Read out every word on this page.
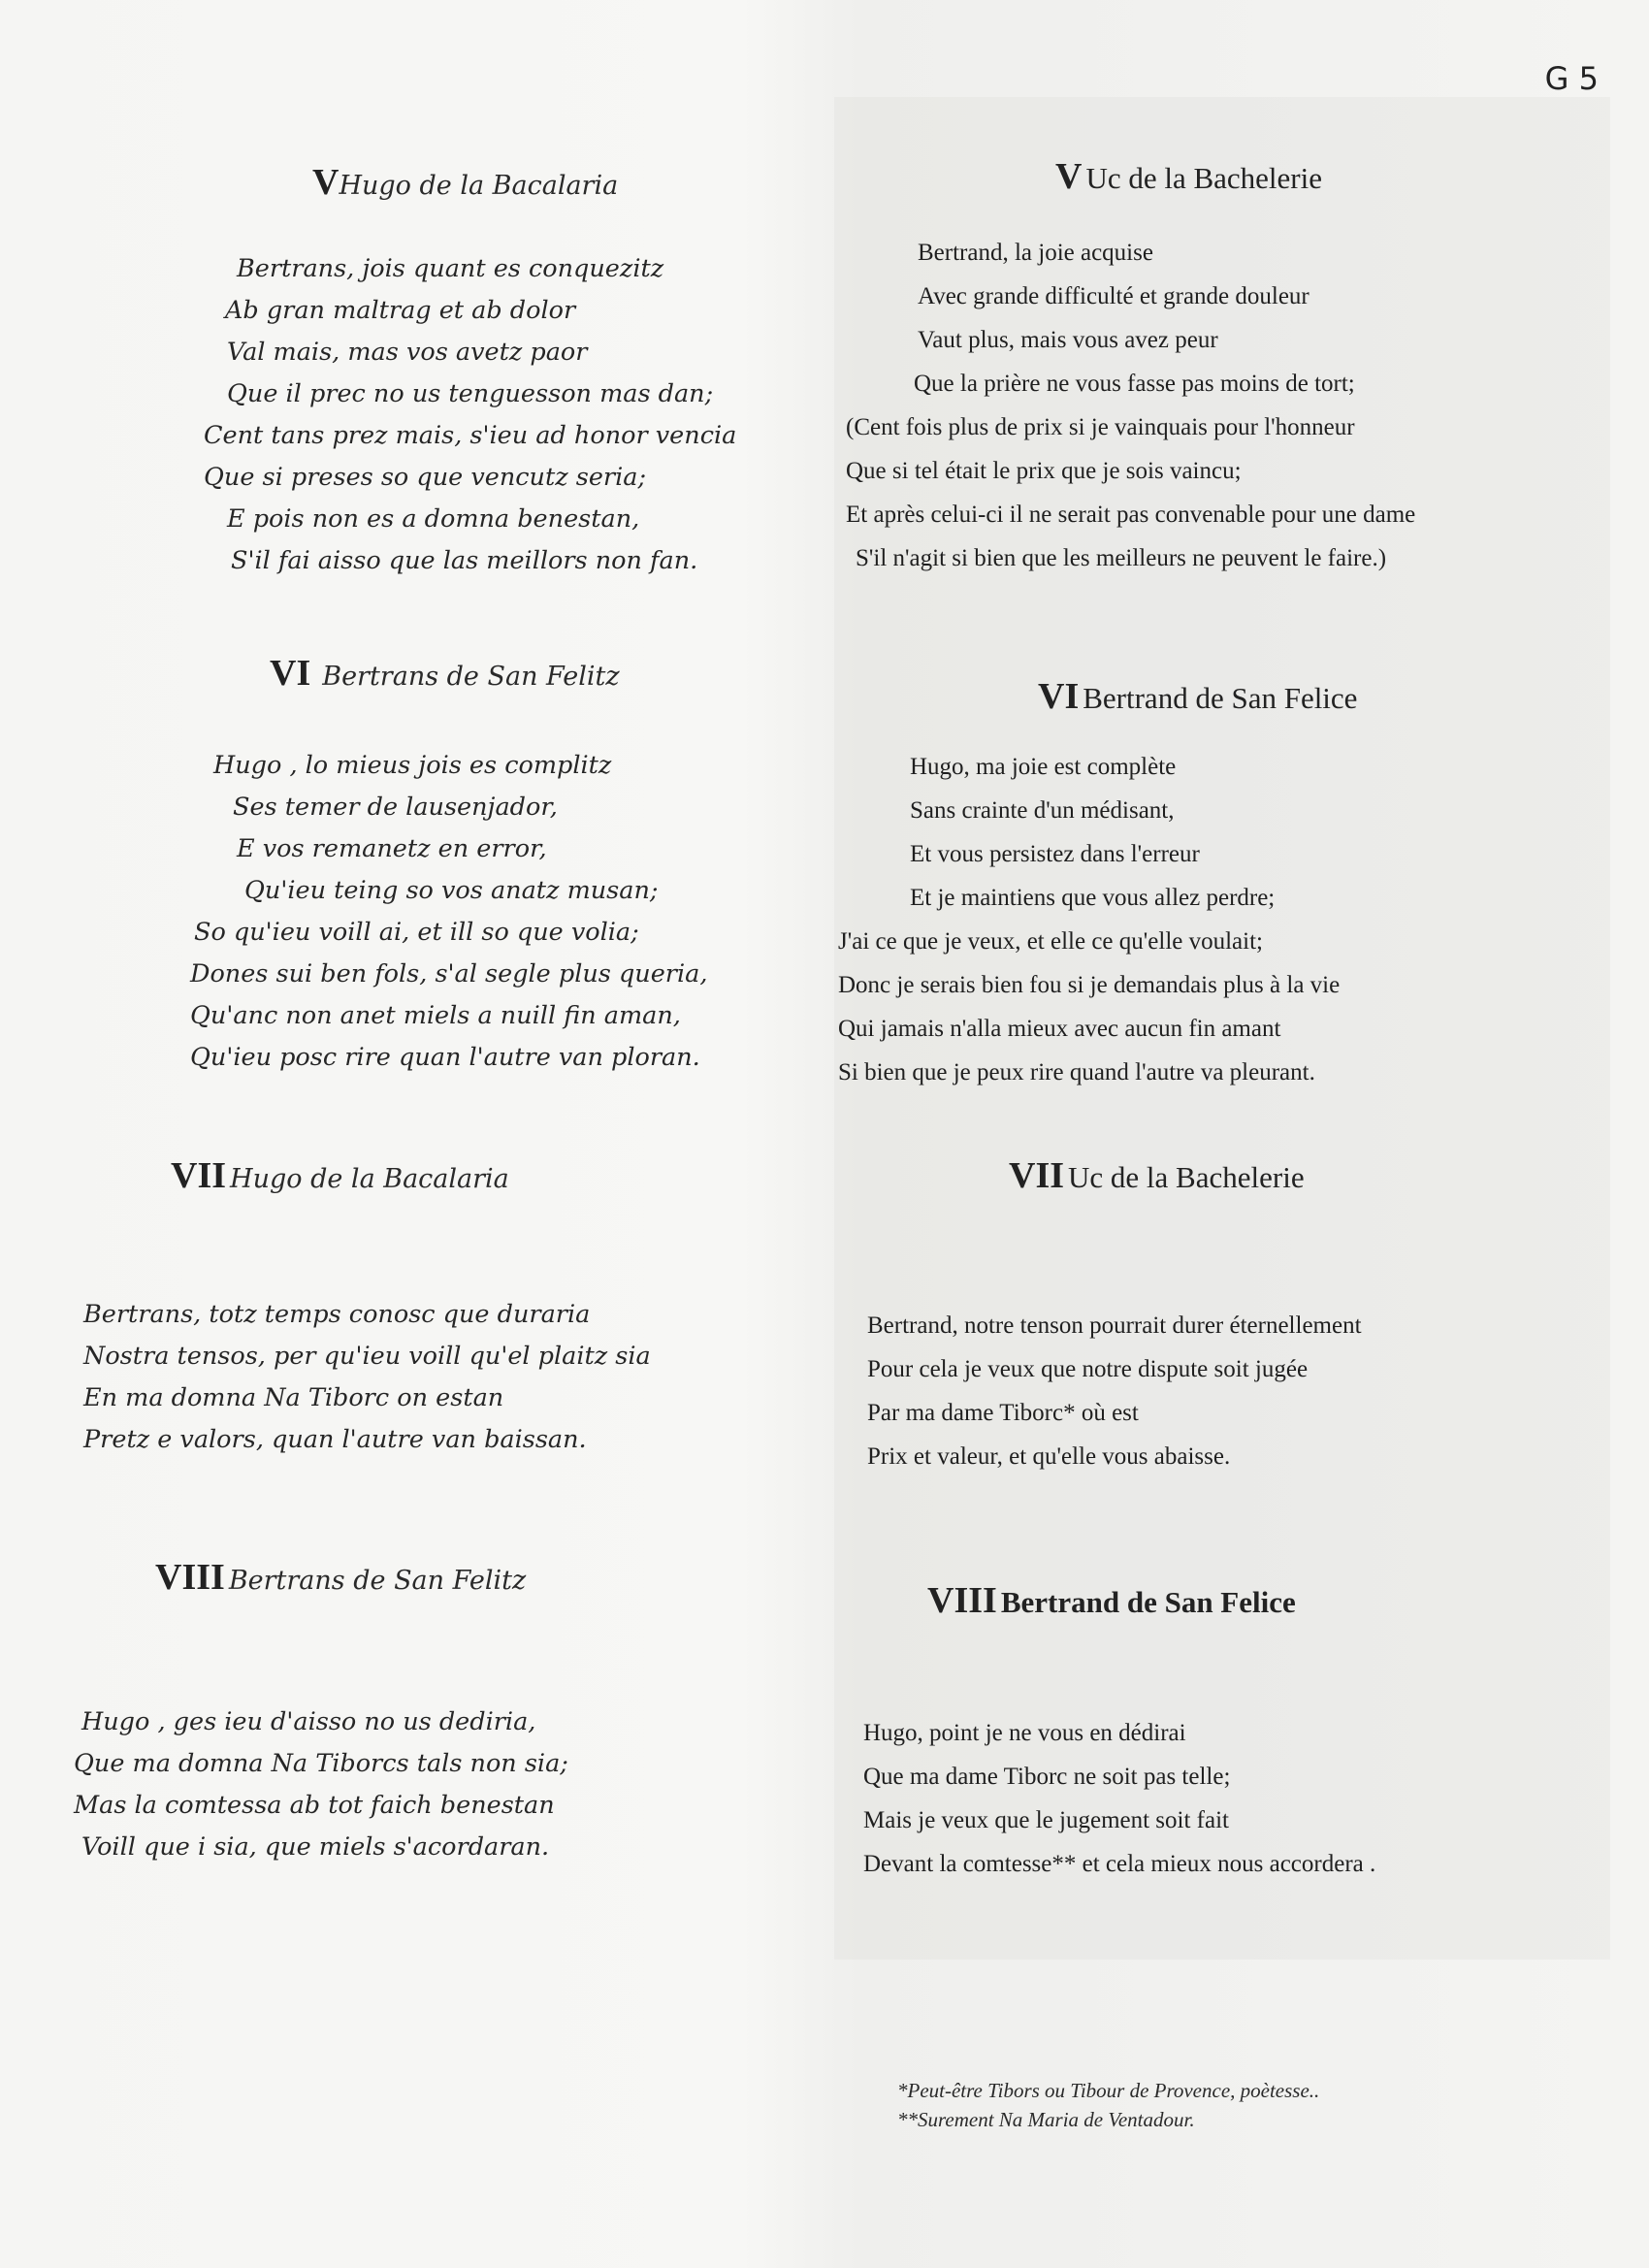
G 5
VHugo de la Bacalaria
Bertrans, jois quant es conquezitz
Ab gran maltrag et ab dolor
Val mais, mas vos avetz paor
Que il prec no us tenguesson mas dan;
Cent tans prez mais, s'ieu ad honor vencia
Que si preses so que vencutz seria;
E pois non es a domna benestan,
S'il fai aisso que las meillors non fan.
VI Bertrans de San Felitz
Hugo , lo mieus jois es complitz
Ses temer de lausenjador,
E vos remanetz en error,
Qu'ieu teing so vos anatz musan;
So qu'ieu voill ai, et ill so que volia;
Dones sui ben fols, s'al segle plus queria,
Qu'anc non anet miels a nuill fin aman,
Qu'ieu posc rire quan l'autre van ploran.
VII Hugo de la Bacalaria
Bertrans, totz temps conosc que duraria
Nostra tensos, per qu'ieu voill qu'el plaitz sia
En ma domna Na Tiborc on estan
Pretz e valors, quan l'autre van baissan.
VIII Bertrans de San Felitz
Hugo , ges ieu d'aisso no us dediria,
Que ma domna Na Tiborcs tals non sia;
Mas la comtessa ab tot faich benestan
Voill que i sia, que miels s'acordaran.
V Uc de la Bachelerie
Bertrand, la joie acquise
Avec grande difficulté et grande douleur
Vaut plus, mais vous avez peur
Que la prière ne vous fasse pas moins de tort;
(Cent fois plus de prix si je vainquais pour l'honneur
Que si tel était le prix que je sois vaincu;
Et après celui-ci il ne serait pas convenable pour une dame
S'il n'agit si bien que les meilleurs ne peuvent le faire.)
VI Bertrand de San Felice
Hugo, ma joie est complète
Sans crainte d'un médisant,
Et vous persistez dans l'erreur
Et je maintiens que vous allez perdre;
J'ai ce que je veux, et elle ce qu'elle voulait;
Donc je serais bien fou si je demandais plus à la vie
Qui jamais n'alla mieux avec aucun fin amant
Si bien que je peux rire quand l'autre va pleurant.
VII Uc de la Bachelerie
Bertrand, notre tenson pourrait durer éternellement
Pour cela je veux que notre dispute soit jugée
Par ma dame Tiborc* où est
Prix et valeur, et qu'elle vous abaisse.
VIII Bertrand de San Felice
Hugo, point je ne vous en dédirai
Que ma dame Tiborc ne soit pas telle;
Mais je veux que le jugement soit fait
Devant la comtesse** et cela mieux nous accordera .
*Peut-être Tibors ou Tibour de Provence, poètesse..
**Surement Na Maria de Ventadour.
